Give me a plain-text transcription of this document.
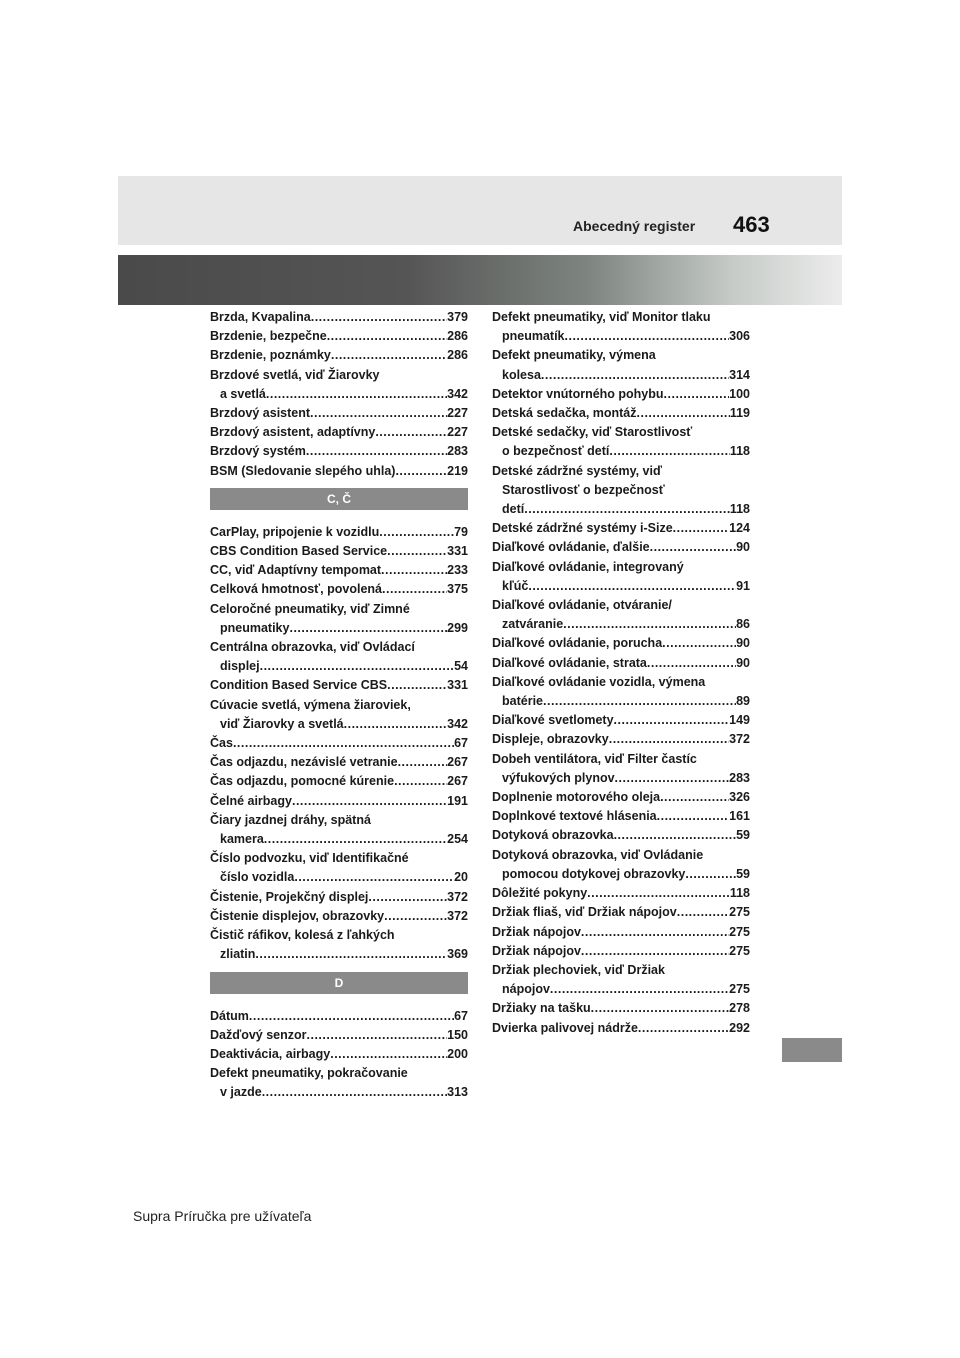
Abecedný register 463
Brzda, Kvapalina .....	379
Brzdenie, bezpečne .....	286
Brzdenie, poznámky .....	286
Brzdové svetlá, viď Žiarovky
a svetlá .....	342
Brzdový asistent .....	227
Brzdový asistent, adaptívny .....	227
Brzdový systém .....	283
BSM (Sledovanie slepého uhla) .....	219
C, Č
CarPlay, pripojenie k vozidlu .....	79
CBS Condition Based Service .....	331
CC, viď Adaptívny tempomat .....	233
Celková hmotnosť, povolená .....	375
Celoročné pneumatiky, viď Zimné
pneumatiky .....	299
Centrálna obrazovka, viď Ovládací
displej .....	54
Condition Based Service CBS .....	331
Cúvacie svetlá, výmena žiaroviek,
viď Žiarovky a svetlá .....	342
Čas .....	67
Čas odjazdu, nezávislé vetranie .....	267
Čas odjazdu, pomocné kúrenie .....	267
Čelné airbagy .....	191
Čiary jazdnej dráhy, spätná
kamera .....	254
Číslo podvozku, viď Identifikačné
číslo vozidla .....	20
Čistenie, Projekčný displej .....	372
Čistenie displejov, obrazovky .....	372
Čistič ráfikov, kolesá z ľahkých
zliatin .....	369
D
Dátum .....	67
Dažďový senzor .....	150
Deaktivácia, airbagy .....	200
Defekt pneumatiky, pokračovanie
v jazde .....	313
Defekt pneumatiky, viď Monitor tlaku
pneumatík .....	306
Defekt pneumatiky, výmena
kolesa .....	314
Detektor vnútorného pohybu .....	100
Detská sedačka, montáž .....	119
Detské sedačky, viď Starostlivosť
o bezpečnosť detí .....	118
Detské zádržné systémy, viď
Starostlivosť o bezpečnosť
detí .....	118
Detské zádržné systémy i-Size .....	124
Diaľkové ovládanie, ďalšie .....	90
Diaľkové ovládanie, integrovaný
kľúč .....	91
Diaľkové ovládanie, otváranie/
zatváranie .....	86
Diaľkové ovládanie, porucha .....	90
Diaľkové ovládanie, strata .....	90
Diaľkové ovládanie vozidla, výmena
batérie .....	89
Diaľkové svetlomety .....	149
Displeje, obrazovky .....	372
Dobeh ventilátora, viď Filter častíc
výfukových plynov .....	283
Doplnenie motorového oleja .....	326
Doplnkové textové hlásenia .....	161
Dotyková obrazovka .....	59
Dotyková obrazovka, viď Ovládanie
pomocou dotykovej obrazovky .....	59
Dôležité pokyny .....	118
Držiak fliaš, viď Držiak nápojov .....	275
Držiak nápojov .....	275
Držiak nápojov .....	275
Držiak plechoviek, viď Držiak
nápojov .....	275
Držiaky na tašku .....	278
Dvierka palivovej nádrže .....	292
Supra Príručka pre užívateľa
